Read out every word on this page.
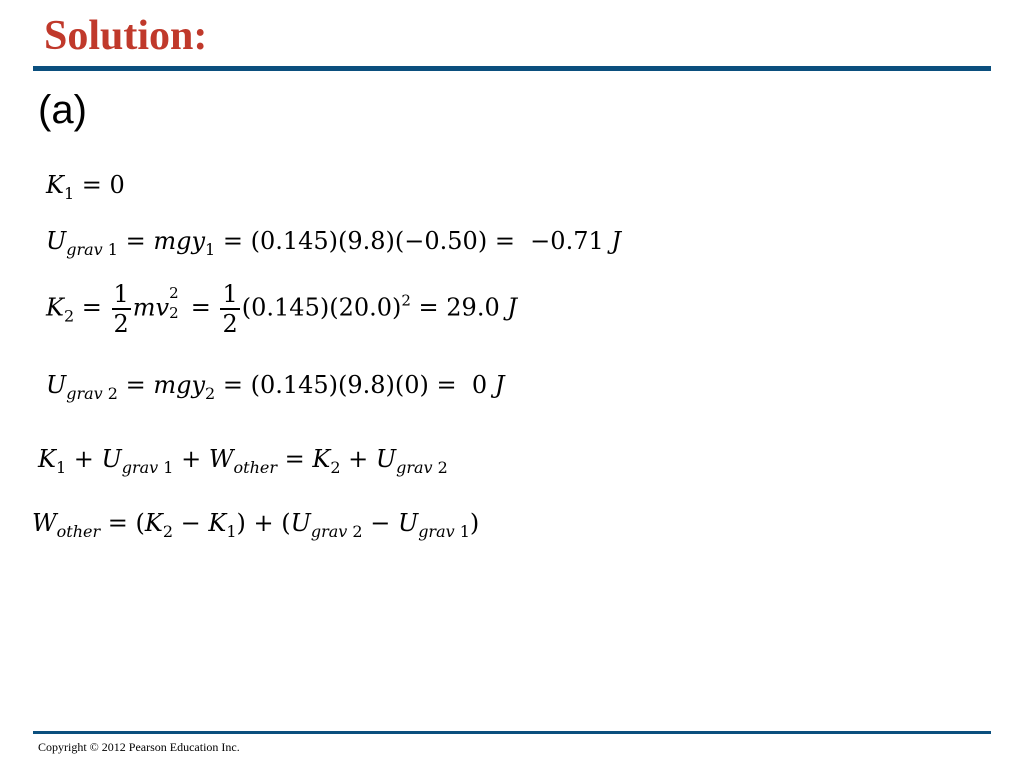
Solution:
(a)
$K_1 = 0$
$U_{grav 1} = mgy_1 = (0.145)(9.8)(-0.50) = -0.71$ J
$K_2 = \frac{1}{2}$ mv
2
$2 = \frac{1}{2} (0.145)(20.0)^2 = 29.0$ J
$U_{grav 2} = mgy_2 = (0.145)(9.8)(0) = 0$ J
$K_1 + U_{grav 1} + W_{other} = K_2 + U_{grav 2}$
$W_{other} = (K_2 - K_1) + (U_{grav 2} - U_{grav 1})$
Copyright © 2012 Pearson Education Inc.
